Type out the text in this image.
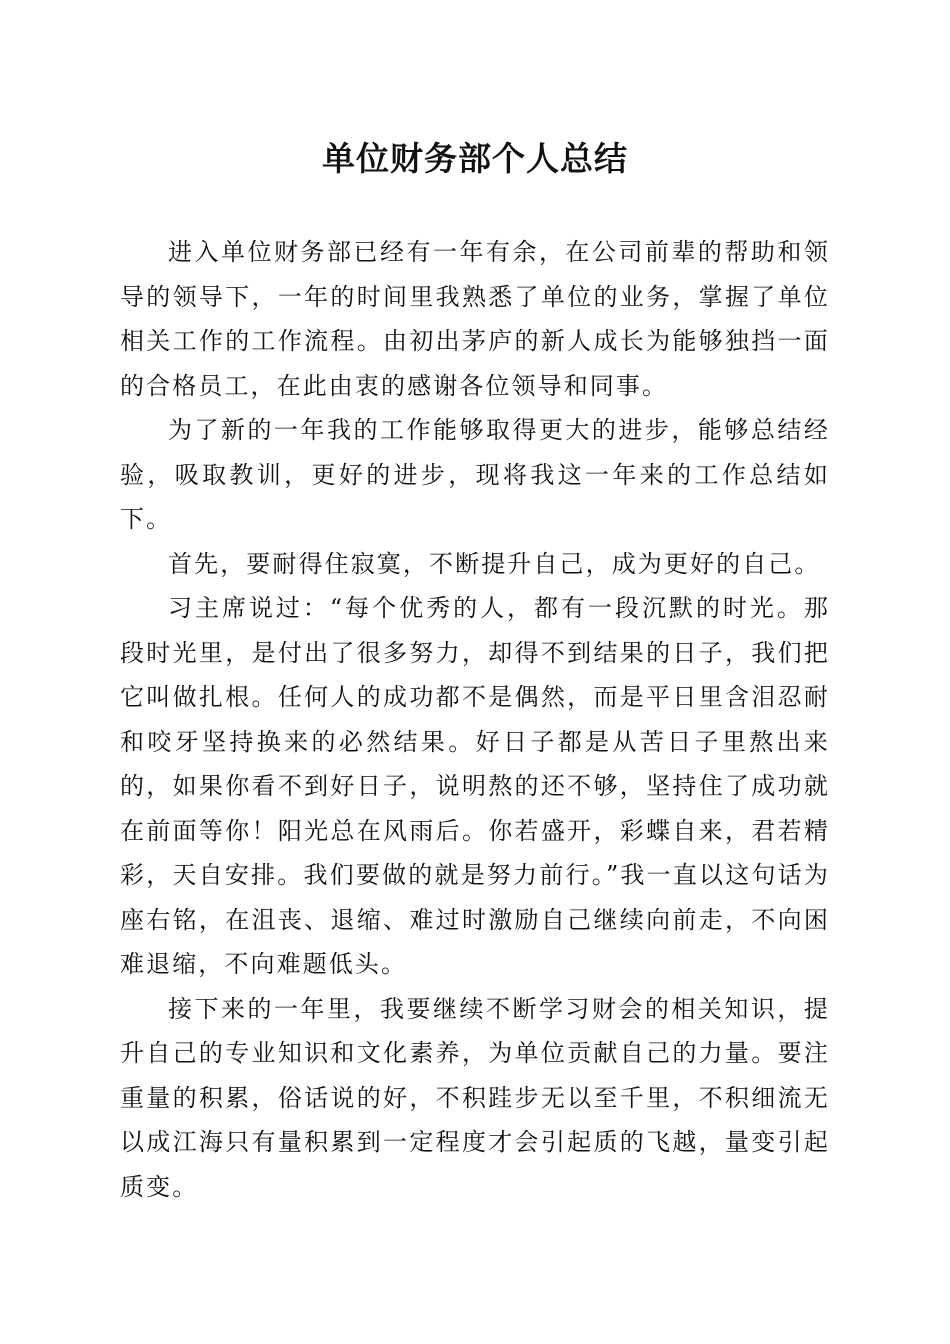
单位财务部个人总结

进入单位财务部已经有一年有余，在公司前辈的帮助和领导的领导下，一年的时间里我熟悉了单位的业务，掌握了单位相关工作的工作流程。由初出茅庐的新人成长为能够独挡一面的合格员工，在此由衷的感谢各位领导和同事。

为了新的一年我的工作能够取得更大的进步，能够总结经验，吸取教训，更好的进步，现将我这一年来的工作总结如下。

首先，要耐得住寂寞，不断提升自己，成为更好的自己。

习主席说过：“每个优秀的人，都有一段沉默的时光。那段时光里，是付出了很多努力，却得不到结果的日子，我们把它叫做扎根。任何人的成功都不是偶然，而是平日里含泪忍耐和咬牙坚持换来的必然结果。好日子都是从苦日子里熬出来的，如果你看不到好日子，说明熬的还不够，坚持住了成功就在前面等你！阳光总在风雨后。你若盛开，彩蝶自来，君若精彩，天自安排。我们要做的就是努力前行。”我一直以这句话为座右铭，在沮丧、退缩、难过时激励自己继续向前走，不向困难退缩，不向难题低头。

接下来的一年里，我要继续不断学习财会的相关知识，提升自己的专业知识和文化素养，为单位贡献自己的力量。要注重量的积累，俗话说的好，不积跬步无以至千里，不积细流无以成江海只有量积累到一定程度才会引起质的飞越，量变引起质变。
